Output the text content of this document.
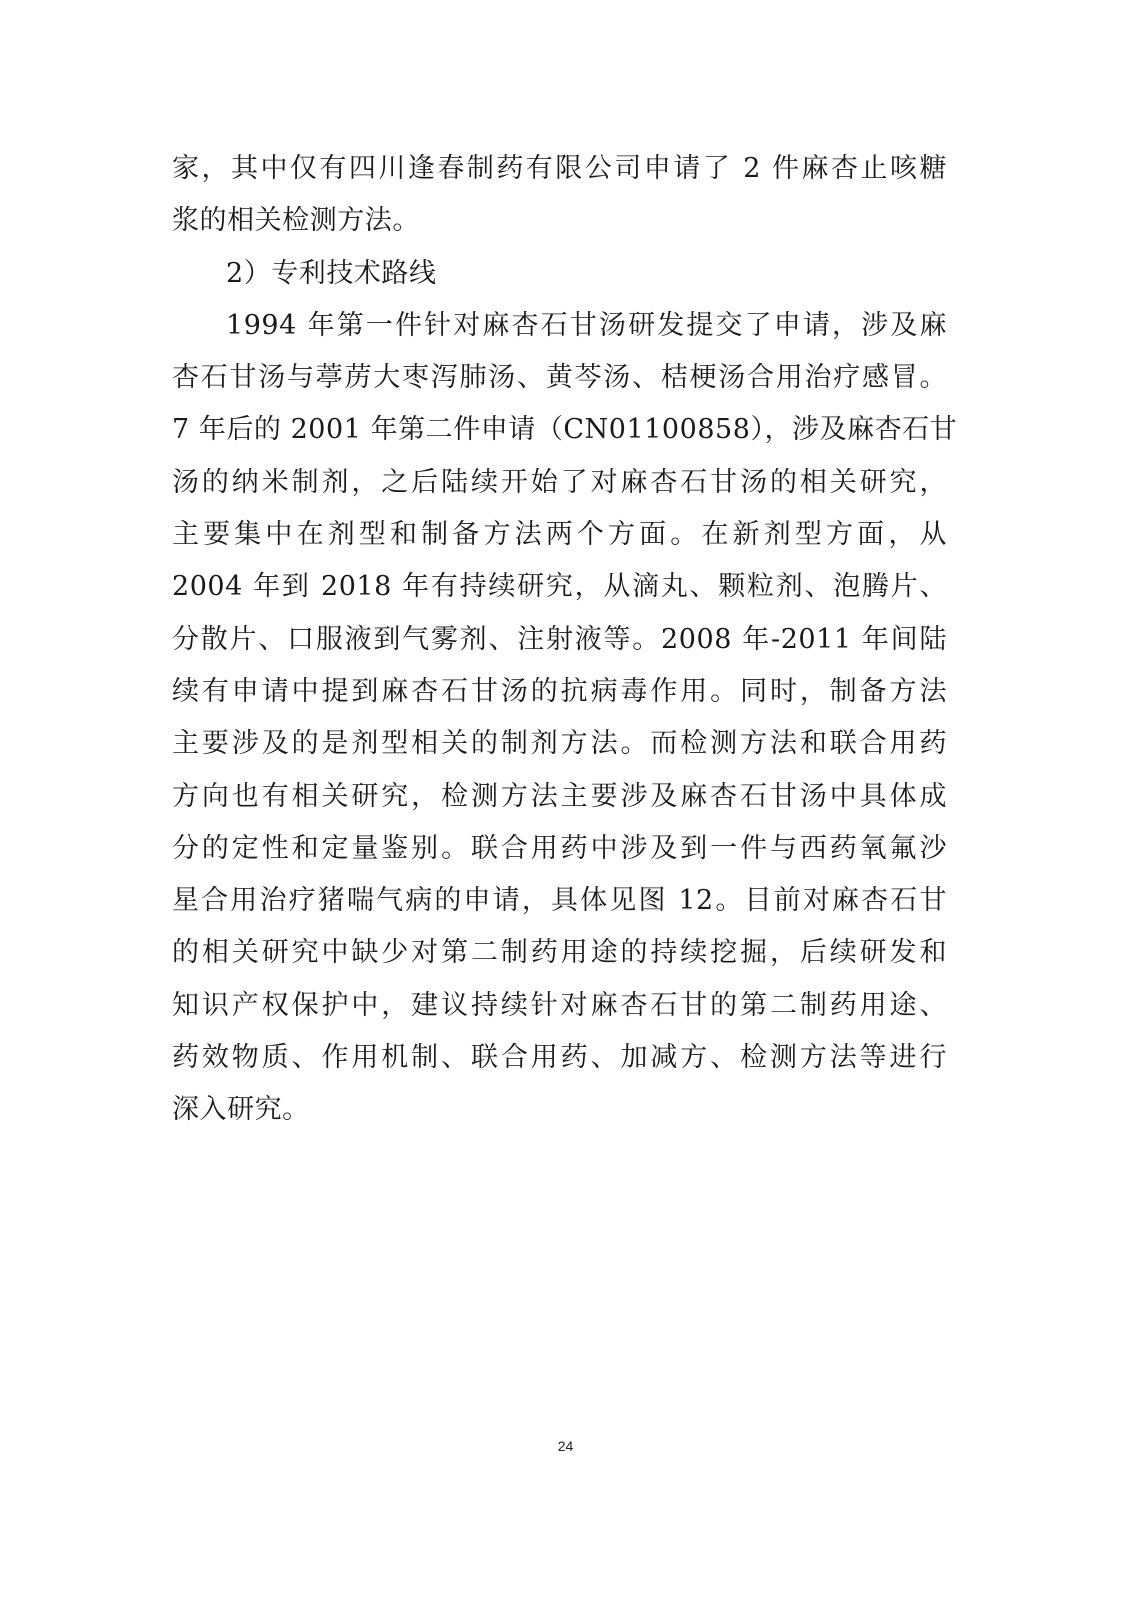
家，其中仅有四川逢春制药有限公司申请了 2 件麻杏止咳糖
浆的相关检测方法。
2）专利技术路线
1994 年第一件针对麻杏石甘汤研发提交了申请，涉及麻
杏石甘汤与葶苈大枣泻肺汤、黄芩汤、桔梗汤合用治疗感冒。
7 年后的 2001 年第二件申请（CN01100858），涉及麻杏石甘
汤的纳米制剂，之后陆续开始了对麻杏石甘汤的相关研究，
主要集中在剂型和制备方法两个方面。在新剂型方面，从
2004 年到 2018 年有持续研究，从滴丸、颗粒剂、泡腾片、
分散片、口服液到气雾剂、注射液等。2008 年-2011 年间陆
续有申请中提到麻杏石甘汤的抗病毒作用。同时，制备方法
主要涉及的是剂型相关的制剂方法。而检测方法和联合用药
方向也有相关研究，检测方法主要涉及麻杏石甘汤中具体成
分的定性和定量鉴别。联合用药中涉及到一件与西药氧氟沙
星合用治疗猪喘气病的申请，具体见图 12。目前对麻杏石甘
的相关研究中缺少对第二制药用途的持续挖掘，后续研发和
知识产权保护中，建议持续针对麻杏石甘的第二制药用途、
药效物质、作用机制、联合用药、加减方、检测方法等进行
深入研究。
24
